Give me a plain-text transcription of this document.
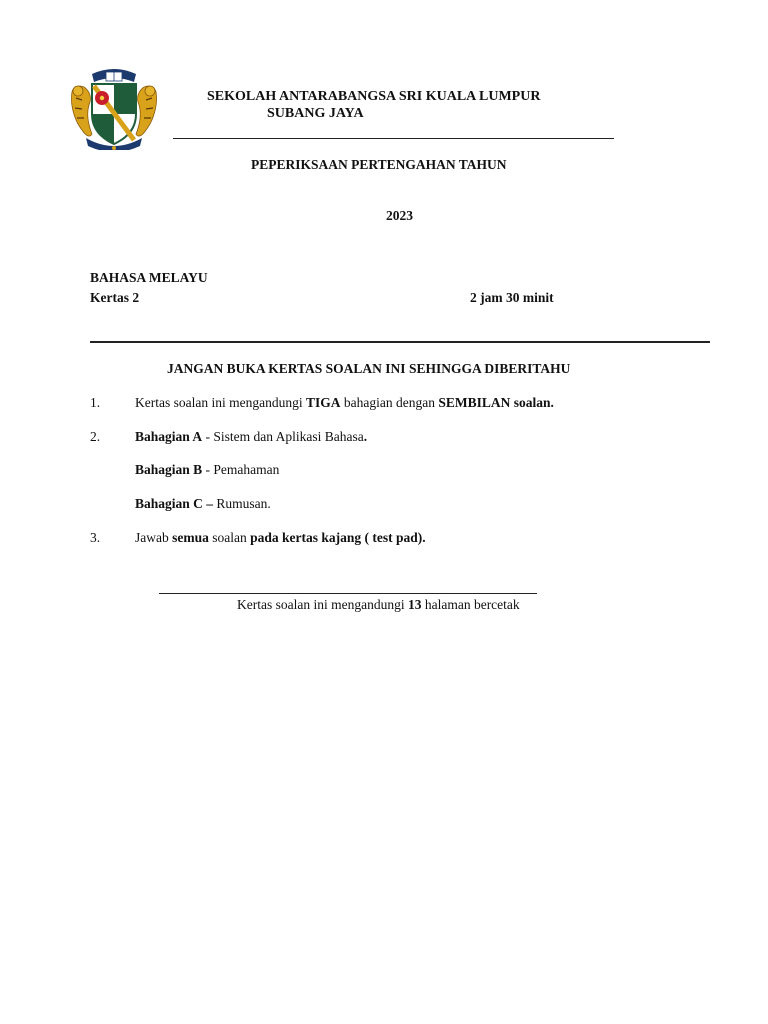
SEKOLAH ANTARABANGSA SRI KUALA LUMPUR
SUBANG JAYA
PEPERIKSAAN PERTENGAHAN TAHUN
2023
BAHASA MELAYU
Kertas 2	2 jam 30 minit
JANGAN BUKA KERTAS SOALAN INI SEHINGGA DIBERITAHU
1.	Kertas soalan ini mengandungi TIGA bahagian dengan SEMBILAN soalan.
2.	Bahagian A - Sistem dan Aplikasi Bahasa.
Bahagian B - Pemahaman
Bahagian C – Rumusan.
3.	Jawab semua soalan pada kertas kajang ( test pad).
Kertas soalan ini mengandungi 13 halaman bercetak
